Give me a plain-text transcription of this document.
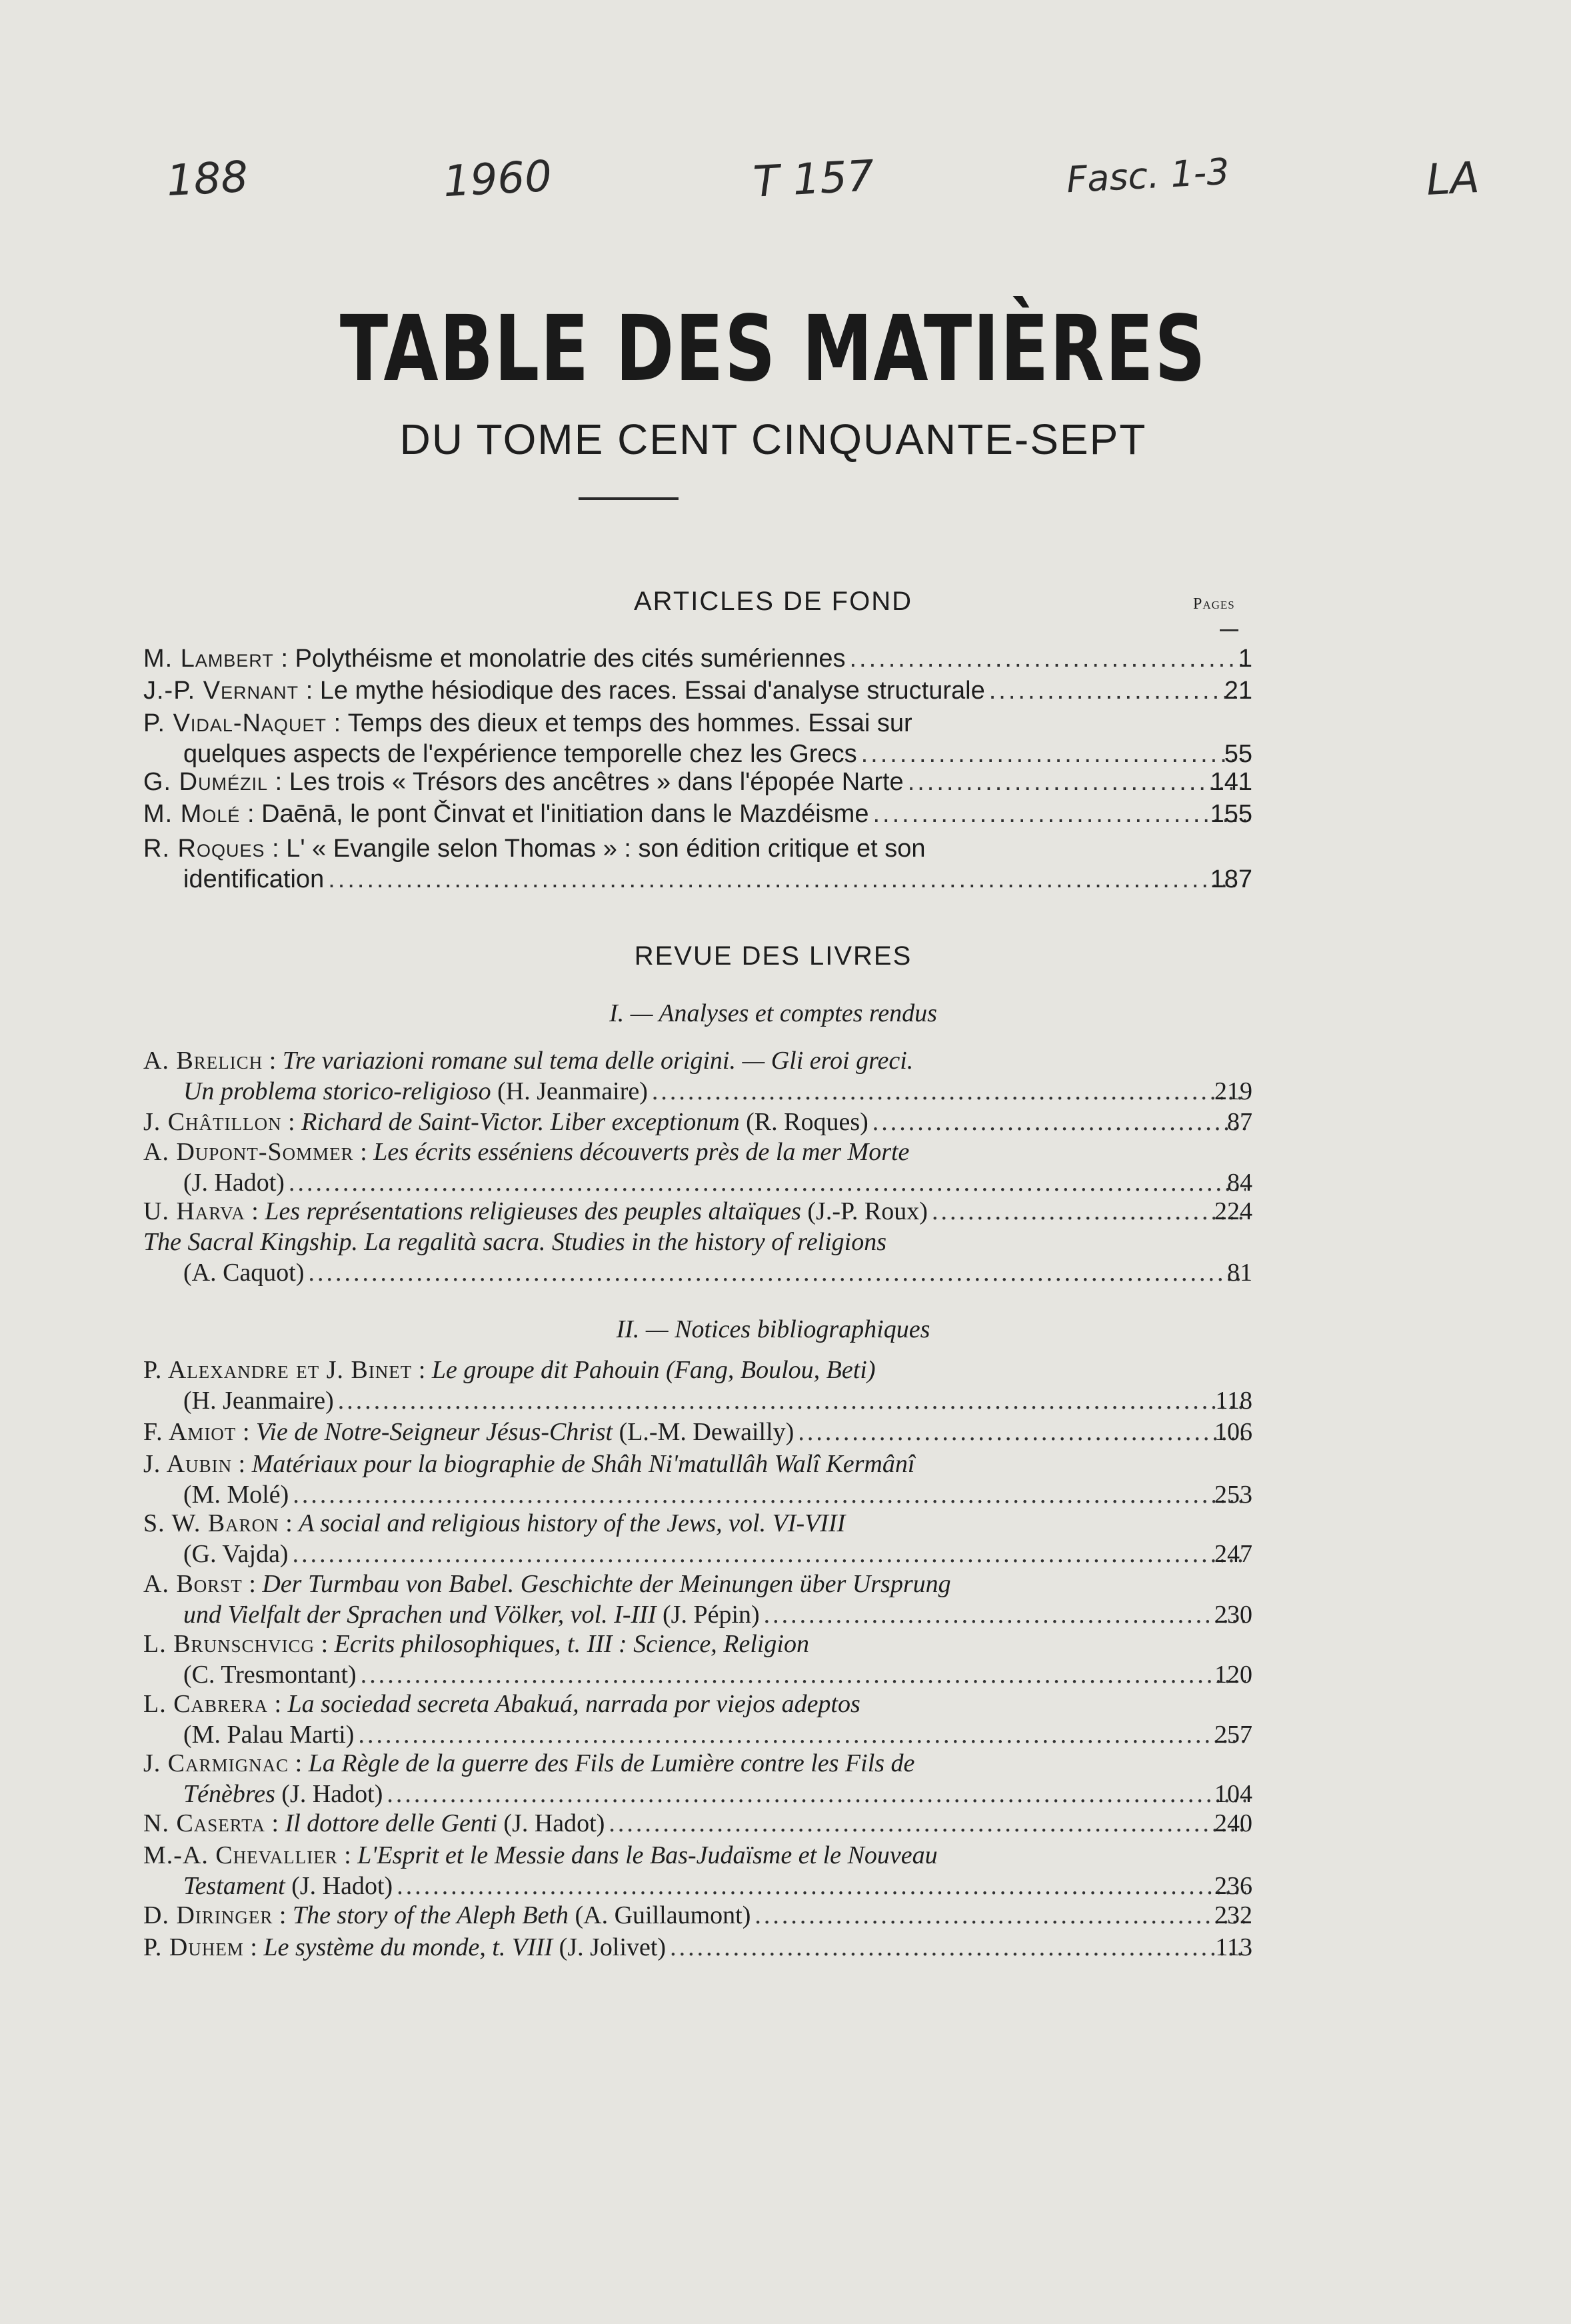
188	1960	T 157	Fasc. 1-3	LA
TABLE DES MATIÈRES
DU TOME CENT CINQUANTE-SEPT
ARTICLES DE FOND	Pages
REVUE DES LIVRES
I. — Analyses et comptes rendus
II. — Notices bibliographiques
M. Lambert : Polythéisme et monolatrie des cités sumériennes .....	1
J.-P. Vernant : Le mythe hésiodique des races. Essai d'analyse structurale .....	21
P. Vidal-Naquet : Temps des dieux et temps des hommes. Essai sur
quelques aspects de l'expérience temporelle chez les Grecs .....	55
G. Dumézil : Les trois « Trésors des ancêtres » dans l'épopée Narte .....	141
M. Molé : Daēnā, le pont Činvat et l'initiation dans le Mazdéisme .....	155
R. Roques : L' « Evangile selon Thomas » : son édition critique et son
identification .....	187
A. Brelich : Tre variazioni romane sul tema delle origini. — Gli eroi greci.
Un problema storico-religioso (H. Jeanmaire) .....	219
J. Châtillon : Richard de Saint-Victor. Liber exceptionum (R. Roques) .....	87
A. Dupont-Sommer : Les écrits esséniens découverts près de la mer Morte
(J. Hadot) .....	84
U. Harva : Les représentations religieuses des peuples altaïques (J.-P. Roux) .....	224
The Sacral Kingship. La regalità sacra. Studies in the history of religions
(A. Caquot) .....	81
P. Alexandre et J. Binet : Le groupe dit Pahouin (Fang, Boulou, Beti)
(H. Jeanmaire) .....	118
F. Amiot : Vie de Notre-Seigneur Jésus-Christ (L.-M. Dewailly) .....	106
J. Aubin : Matériaux pour la biographie de Shâh Ni'matullâh Walî Kermânî
(M. Molé) .....	253
S. W. Baron : A social and religious history of the Jews, vol. VI-VIII
(G. Vajda) .....	247
A. Borst : Der Turmbau von Babel. Geschichte der Meinungen über Ursprung
und Vielfalt der Sprachen und Völker, vol. I-III (J. Pépin) .....	230
L. Brunschvicg : Ecrits philosophiques, t. III : Science, Religion
(C. Tresmontant) .....	120
L. Cabrera : La sociedad secreta Abakuá, narrada por viejos adeptos
(M. Palau Marti) .....	257
J. Carmignac : La Règle de la guerre des Fils de Lumière contre les Fils de
Ténèbres (J. Hadot) .....	104
N. Caserta : Il dottore delle Genti (J. Hadot) .....	240
M.-A. Chevallier : L'Esprit et le Messie dans le Bas-Judaïsme et le Nouveau
Testament (J. Hadot) .....	236
D. Diringer : The story of the Aleph Beth (A. Guillaumont) .....	232
P. Duhem : Le système du monde, t. VIII (J. Jolivet) .....	113
